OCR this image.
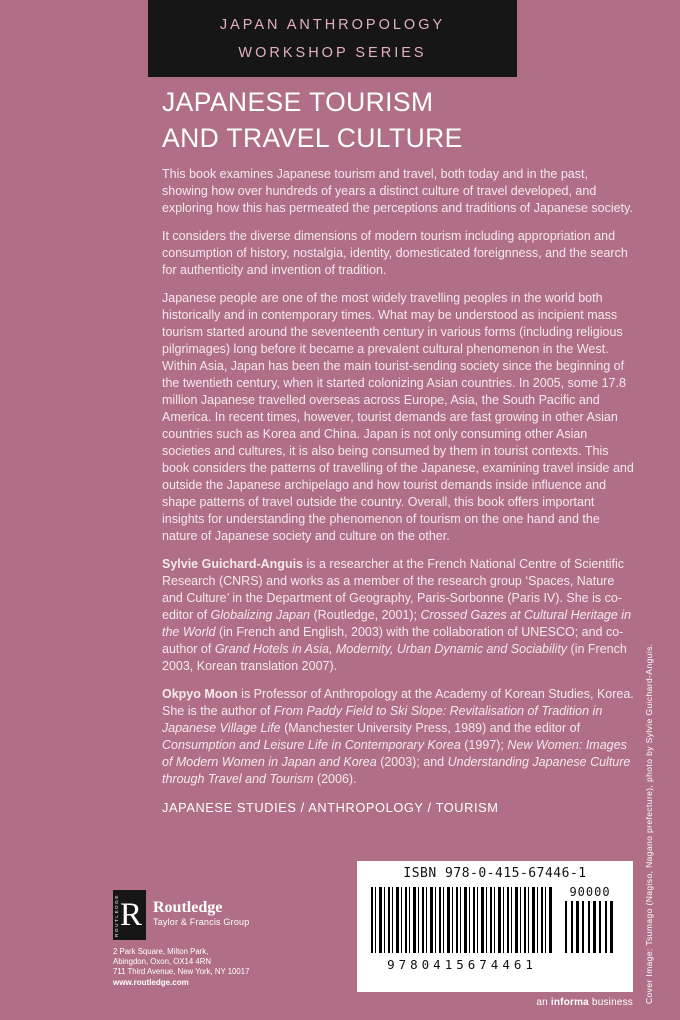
JAPAN ANTHROPOLOGY
WORKSHOP SERIES
JAPANESE TOURISM
AND TRAVEL CULTURE

This book examines Japanese tourism and travel, both today and in the past, showing how over hundreds of years a distinct culture of travel developed, and exploring how this has permeated the perceptions and traditions of Japanese society.

It considers the diverse dimensions of modern tourism including appropriation and consumption of history, nostalgia, identity, domesticated foreignness, and the search for authenticity and invention of tradition.

Japanese people are one of the most widely travelling peoples in the world both historically and in contemporary times. What may be understood as incipient mass tourism started around the seventeenth century in various forms (including religious pilgrimages) long before it became a prevalent cultural phenomenon in the West. Within Asia, Japan has been the main tourist-sending society since the beginning of the twentieth century, when it started colonizing Asian countries. In 2005, some 17.8 million Japanese travelled overseas across Europe, Asia, the South Pacific and America. In recent times, however, tourist demands are fast growing in other Asian countries such as Korea and China. Japan is not only consuming other Asian societies and cultures, it is also being consumed by them in tourist contexts. This book considers the patterns of travelling of the Japanese, examining travel inside and outside the Japanese archipelago and how tourist demands inside influence and shape patterns of travel outside the country. Overall, this book offers important insights for understanding the phenomenon of tourism on the one hand and the nature of Japanese society and culture on the other.

Sylvie Guichard-Anguis is a researcher at the French National Centre of Scientific Research (CNRS) and works as a member of the research group ‘Spaces, Nature and Culture’ in the Department of Geography, Paris-Sorbonne (Paris IV). She is co-editor of Globalizing Japan (Routledge, 2001); Crossed Gazes at Cultural Heritage in the World (in French and English, 2003) with the collaboration of UNESCO; and co-author of Grand Hotels in Asia, Modernity, Urban Dynamic and Sociability (in French 2003, Korean translation 2007).

Okpyo Moon is Professor of Anthropology at the Academy of Korean Studies, Korea. She is the author of From Paddy Field to Ski Slope: Revitalisation of Tradition in Japanese Village Life (Manchester University Press, 1989) and the editor of Consumption and Leisure Life in Contemporary Korea (1997); New Women: Images of Modern Women in Japan and Korea (2003); and Understanding Japanese Culture through Travel and Tourism (2006).

JAPANESE STUDIES / ANTHROPOLOGY / TOURISM
ROUTLEDGE R Routledge
Taylor & Francis Group
2 Park Square, Milton Park,
Abingdon, Oxon, OX14 4RN
711 Third Avenue, New York, NY 10017
www.routledge.com
ISBN 978-0-415-67446-1
9780415674461
90000
an informa business Cover Image: Tsumago (Nagiso, Nagano prefecture), photo by Sylvie Guichard-Anguis.
